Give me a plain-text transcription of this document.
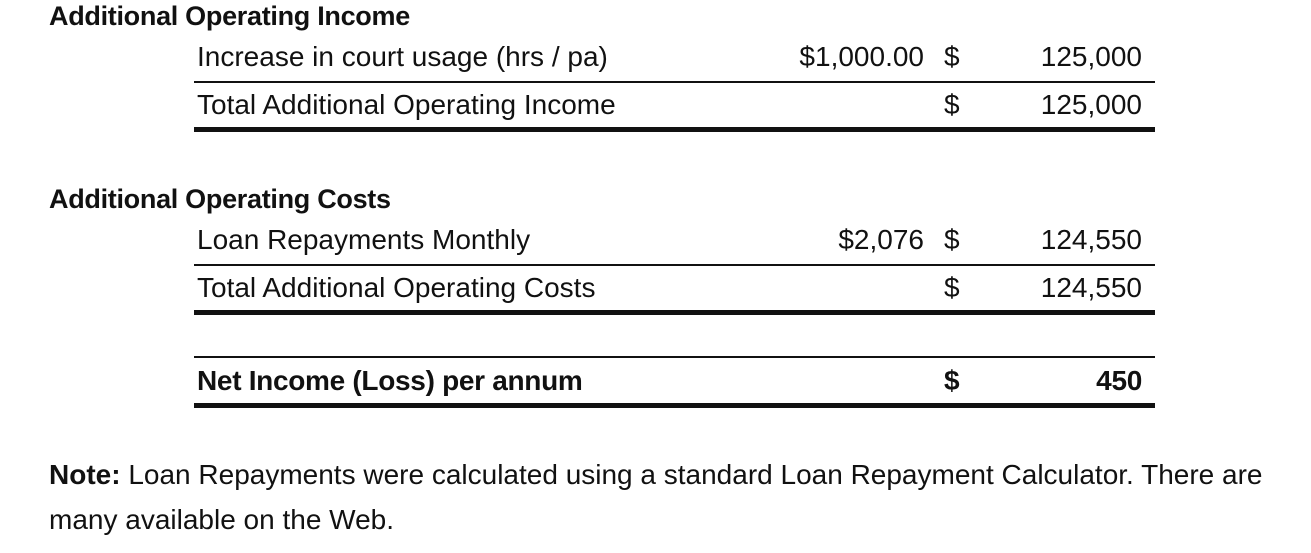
Additional Operating Income
Increase in court usage (hrs / pa)	$1,000.00 $	125,000
Total Additional Operating Income	$	125,000
Additional Operating Costs
Loan Repayments Monthly	$2,076 $	124,550
Total Additional Operating Costs	$	124,550
Net Income (Loss) per annum	$	450
Note: Loan Repayments were calculated using a standard Loan Repayment Calculator. There are many available on the Web.
